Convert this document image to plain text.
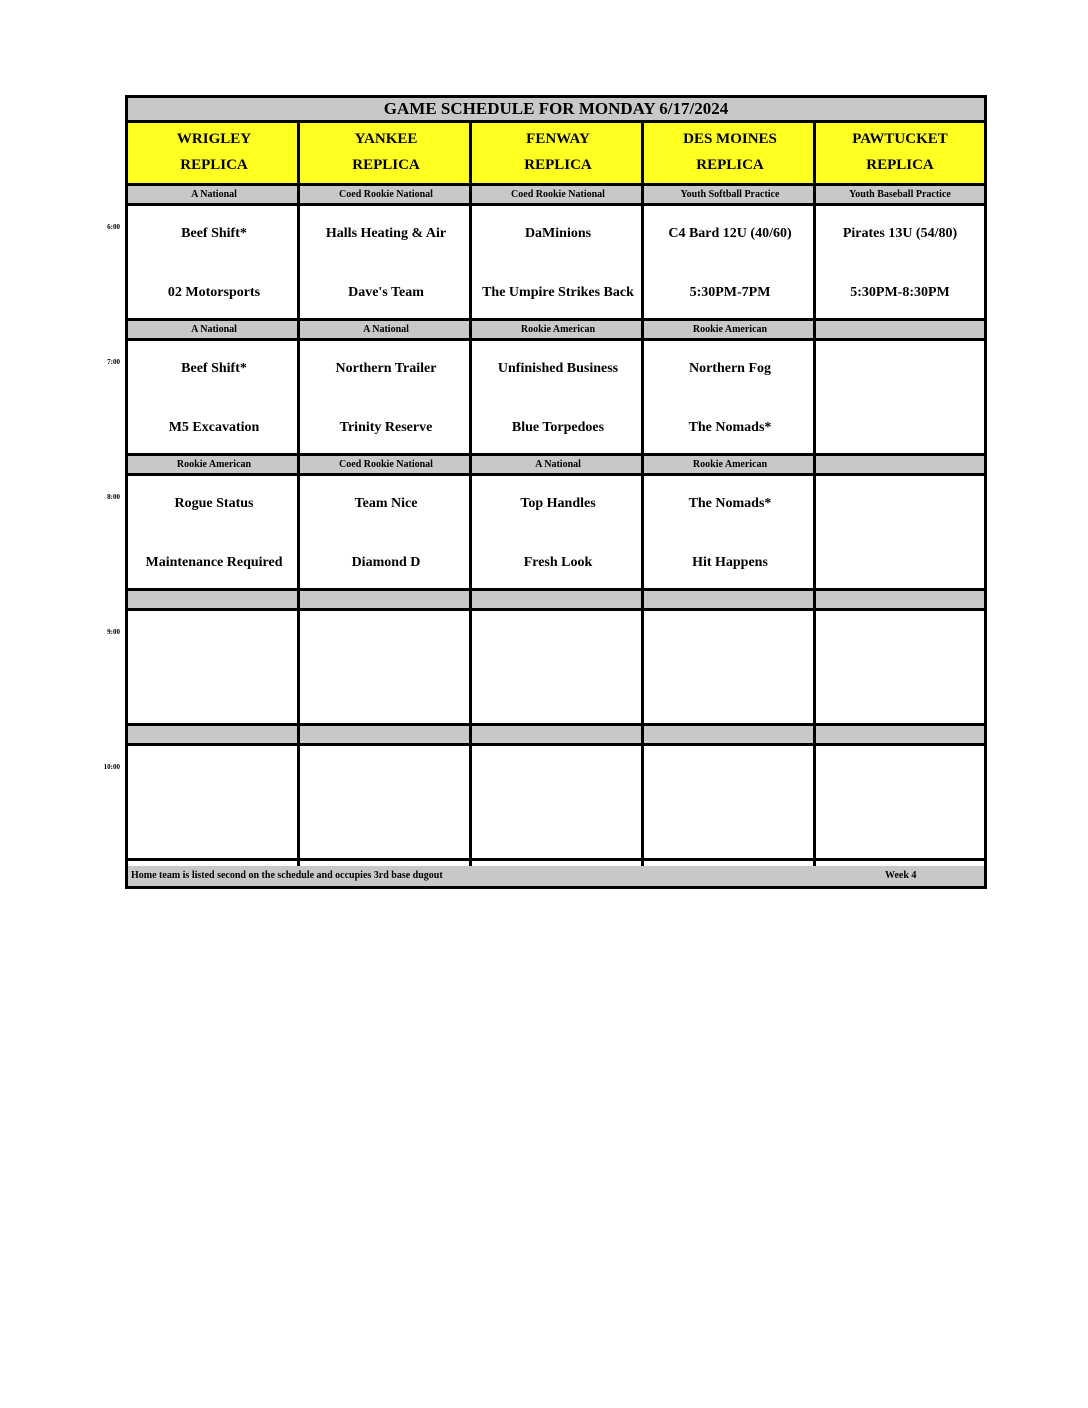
GAME SCHEDULE FOR MONDAY 6/17/2024
WRIGLEY
REPLICA
YANKEE
REPLICA
FENWAY
REPLICA
DES MOINES
REPLICA
PAWTUCKET
REPLICA
A National
Beef Shift*
02 Motorsports
Coed Rookie National
Halls Heating & Air
Dave's Team
Coed Rookie National
DaMinions
The Umpire Strikes Back
Youth Softball Practice
C4 Bard 12U (40/60)
5:30PM-7PM
Youth Baseball Practice
Pirates 13U (54/80)
5:30PM-8:30PM
A National
Beef Shift*
M5 Excavation
A National
Northern Trailer
Trinity Reserve
Rookie American
Unfinished Business
Blue Torpedoes
Rookie American
Northern Fog
The Nomads*
Rookie American
Rogue Status
Maintenance Required
Coed Rookie National
Team Nice
Diamond D
A National
Top Handles
Fresh Look
Rookie American
The Nomads*
Hit Happens
Home team is listed second on the schedule and occupies 3rd base dugout	Week 4
6:00
7:00
8:00
9:00
10:00
